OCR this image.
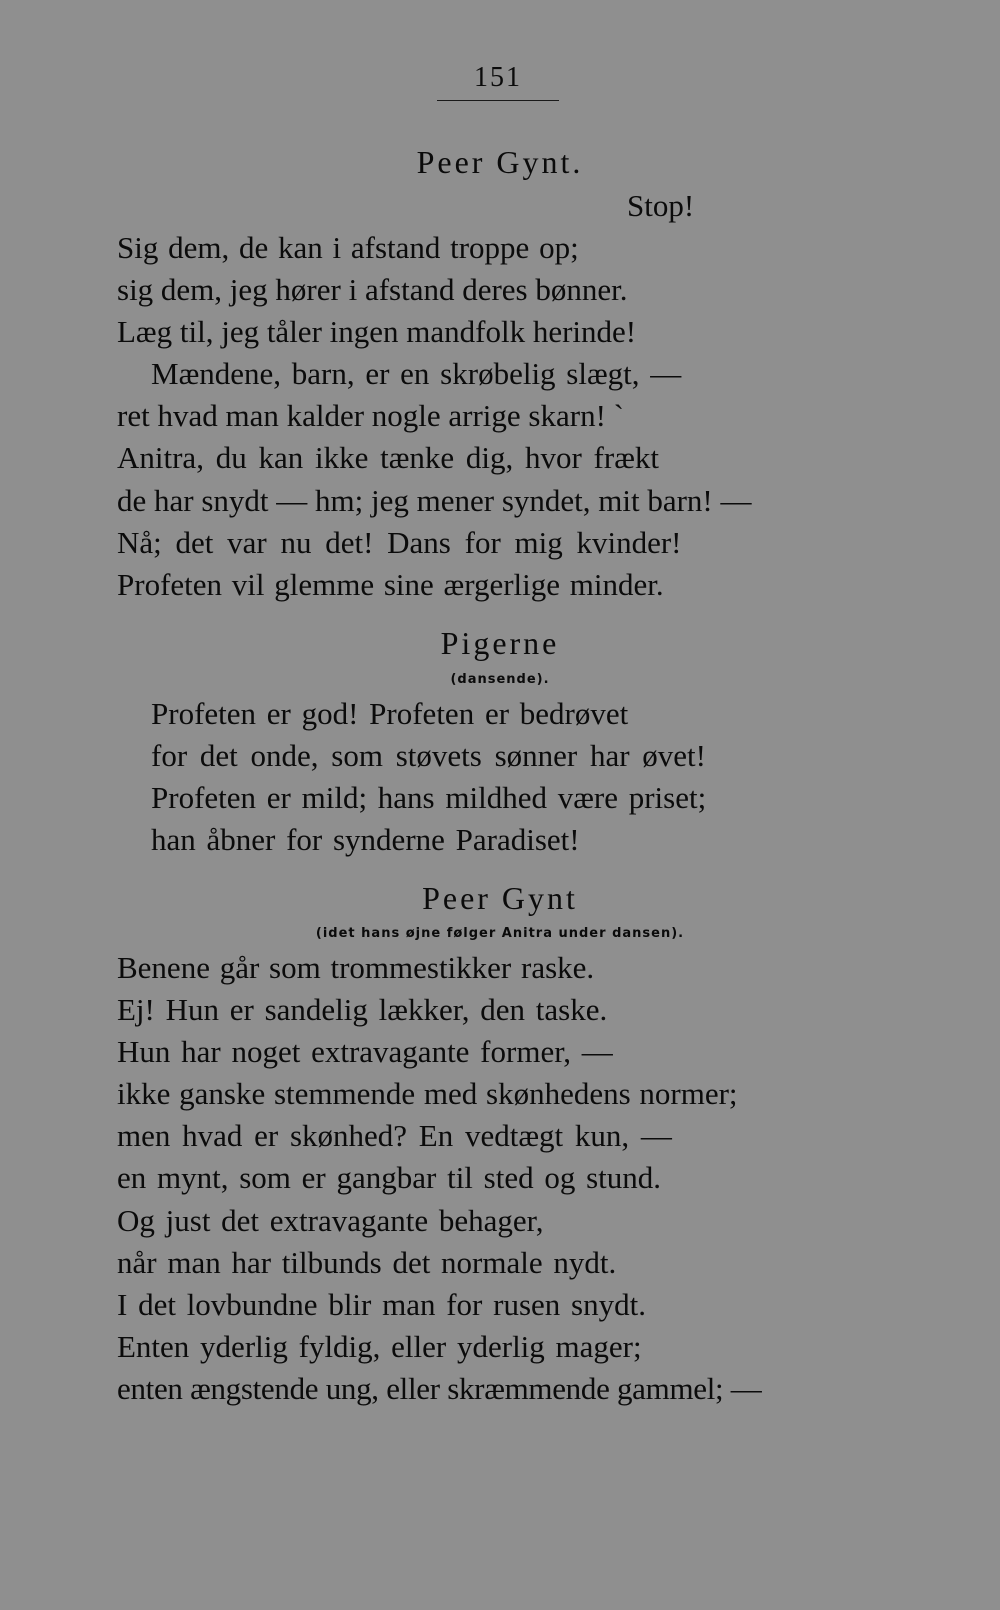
151
Peer Gynt.
Stop!
Sig dem, de kan i afstand troppe op;
sig dem, jeg hører i afstand deres bønner.
Læg til, jeg tåler ingen mandfolk herinde!
Mændene, barn, er en skrøbelig slægt, —
ret hvad man kalder nogle arrige skarn! `
Anitra, du kan ikke tænke dig, hvor frækt
de har snydt — hm; jeg mener syndet, mit barn! —
Nå; det var nu det! Dans for mig kvinder!
Profeten vil glemme sine ærgerlige minder.
Pigerne
(dansende).
Profeten er god! Profeten er bedrøvet
for det onde, som støvets sønner har øvet!
Profeten er mild; hans mildhed være priset;
han åbner for synderne Paradiset!
Peer Gynt
(idet hans øjne følger Anitra under dansen).
Benene går som trommestikker raske.
Ej! Hun er sandelig lækker, den taske.
Hun har noget extravagante former, —
ikke ganske stemmende med skønhedens normer;
men hvad er skønhed? En vedtægt kun, —
en mynt, som er gangbar til sted og stund.
Og just det extravagante behager,
når man har tilbunds det normale nydt.
I det lovbundne blir man for rusen snydt.
Enten yderlig fyldig, eller yderlig mager;
enten ængstende ung, eller skræmmende gammel; —
